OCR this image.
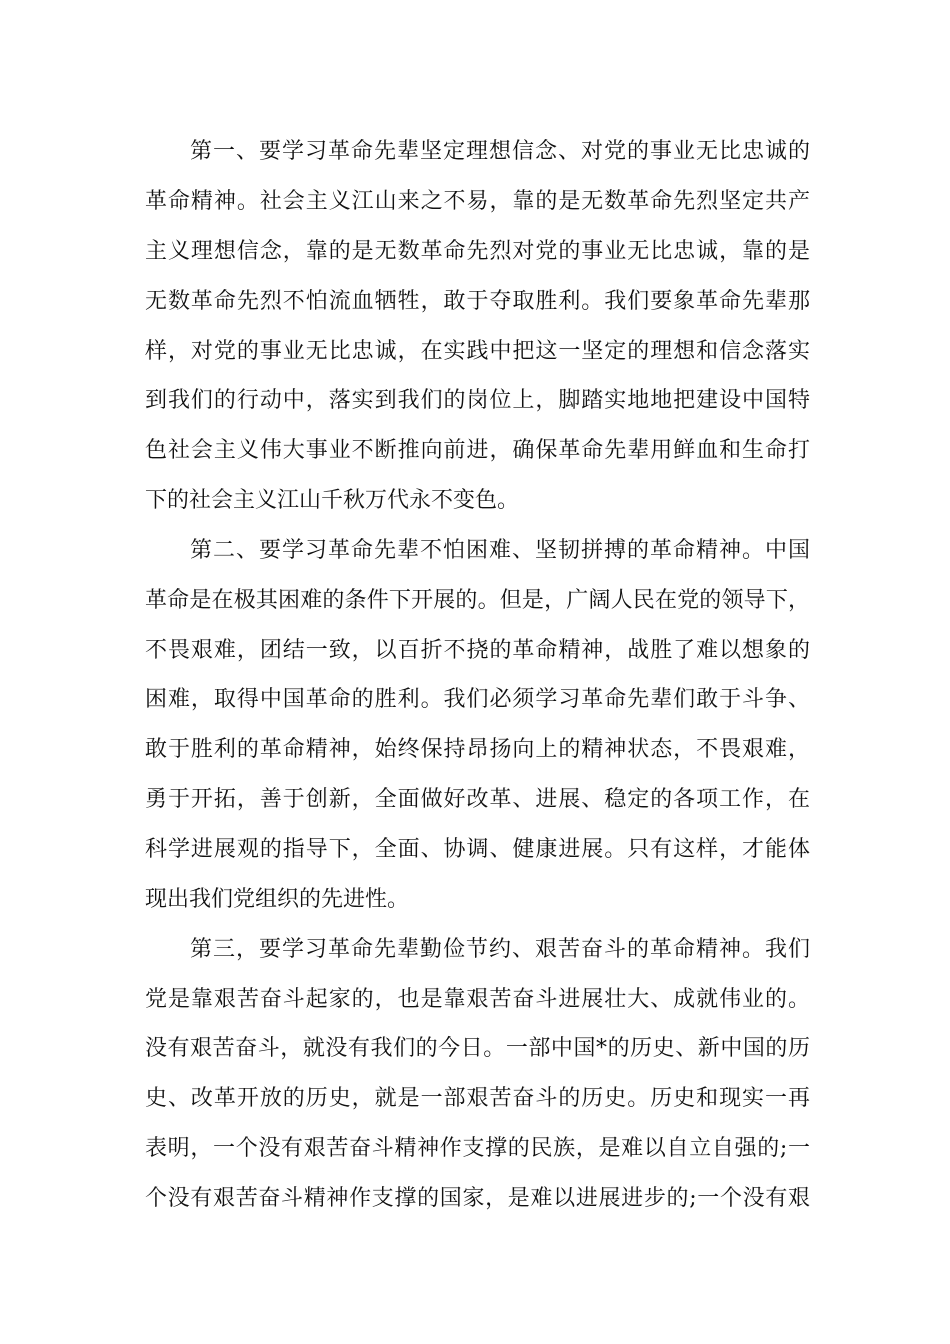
第一、要学习革命先辈坚定理想信念、对党的事业无比忠诚的
革命精神。社会主义江山来之不易，靠的是无数革命先烈坚定共产
主义理想信念，靠的是无数革命先烈对党的事业无比忠诚，靠的是
无数革命先烈不怕流血牺牲，敢于夺取胜利。我们要象革命先辈那
样，对党的事业无比忠诚，在实践中把这一坚定的理想和信念落实
到我们的行动中，落实到我们的岗位上，脚踏实地地把建设中国特
色社会主义伟大事业不断推向前进，确保革命先辈用鲜血和生命打
下的社会主义江山千秋万代永不变色。
第二、要学习革命先辈不怕困难、坚韧拼搏的革命精神。中国
革命是在极其困难的条件下开展的。但是，广阔人民在党的领导下，
不畏艰难，团结一致，以百折不挠的革命精神，战胜了难以想象的
困难，取得中国革命的胜利。我们必须学习革命先辈们敢于斗争、
敢于胜利的革命精神，始终保持昂扬向上的精神状态，不畏艰难，
勇于开拓，善于创新，全面做好改革、进展、稳定的各项工作，在
科学进展观的指导下，全面、协调、健康进展。只有这样，才能体
现出我们党组织的先进性。
第三，要学习革命先辈勤俭节约、艰苦奋斗的革命精神。我们
党是靠艰苦奋斗起家的，也是靠艰苦奋斗进展壮大、成就伟业的。
没有艰苦奋斗，就没有我们的今日。一部中国*的历史、新中国的历
史、改革开放的历史，就是一部艰苦奋斗的历史。历史和现实一再
表明，一个没有艰苦奋斗精神作支撑的民族，是难以自立自强的;一
个没有艰苦奋斗精神作支撑的国家，是难以进展进步的;一个没有艰
